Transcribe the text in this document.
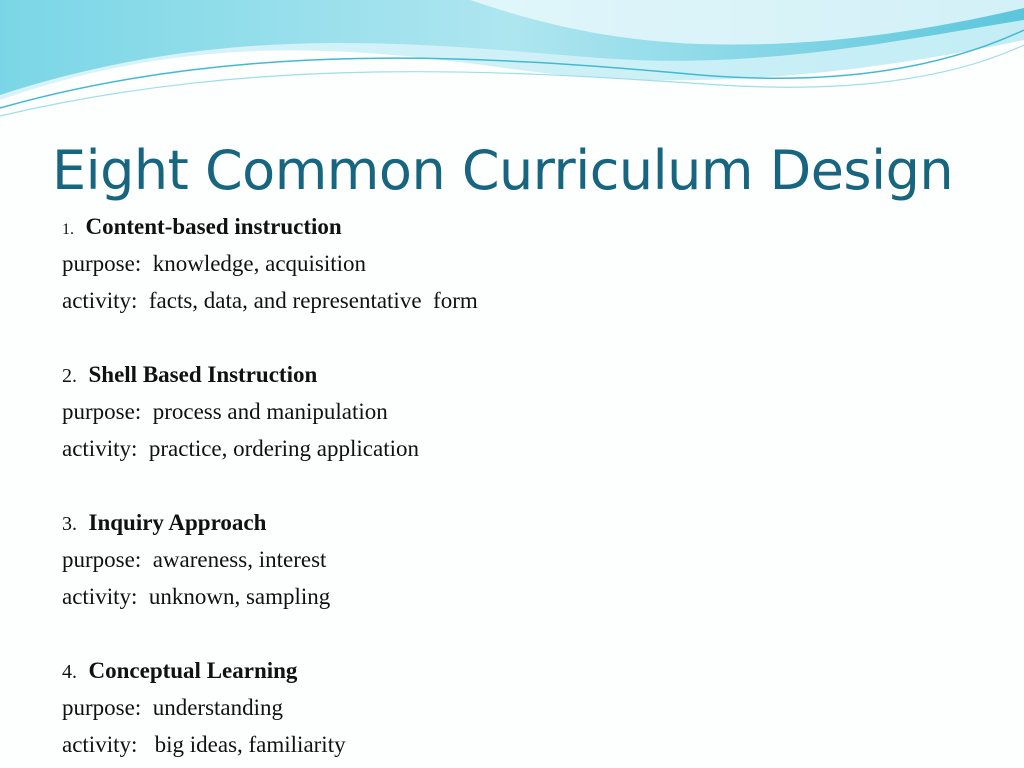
Eight Common Curriculum Design
1. Content-based instruction
purpose:  knowledge, acquisition
activity:  facts, data, and representative  form
2. Shell Based Instruction
purpose:  process and manipulation
activity:  practice, ordering application
3. Inquiry Approach
purpose:  awareness, interest
activity:  unknown, sampling
4. Conceptual Learning
purpose:  understanding
activity:   big ideas, familiarity
